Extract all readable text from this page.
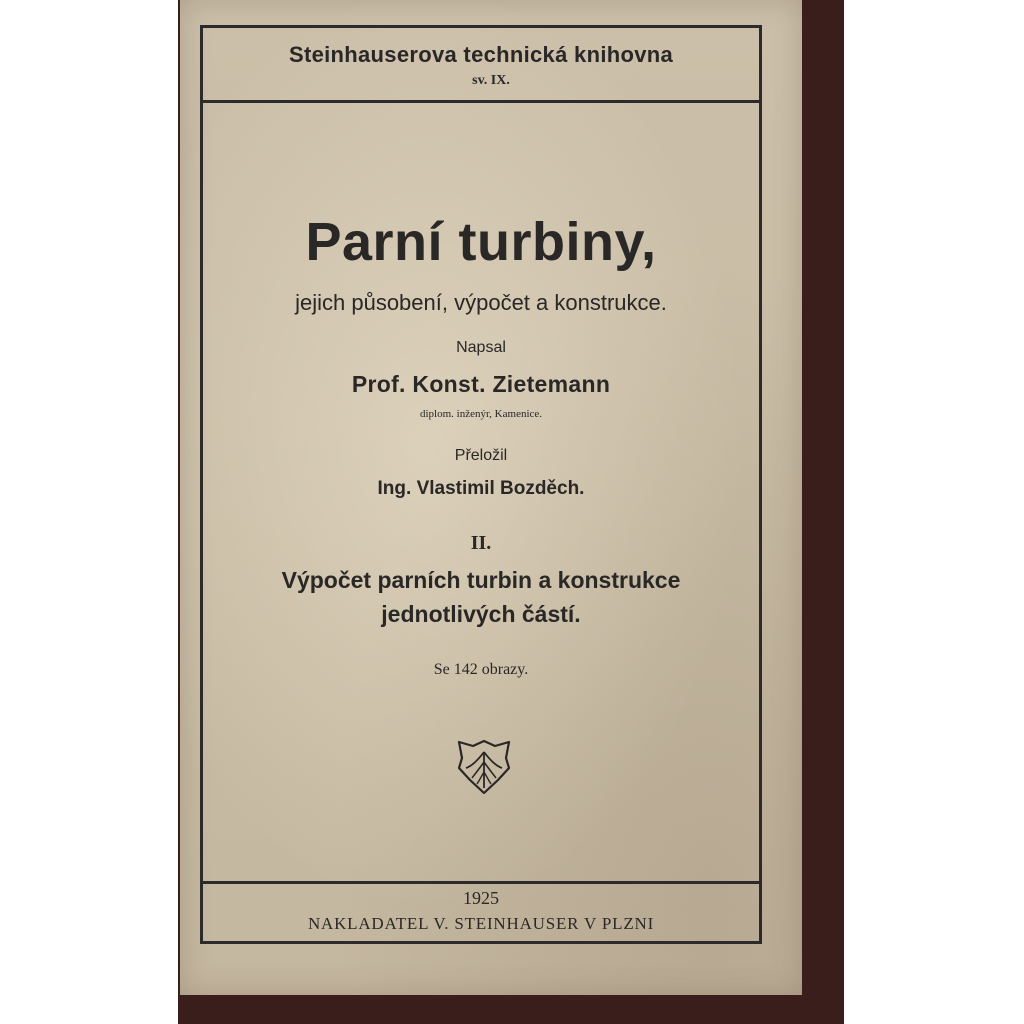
Steinhauserova technická knihovna
sv. IX.
Parní turbiny,
jejich působení, výpočet a konstrukce.
Napsal
Prof. Konst. Zietemann
diplom. inženýr, Kamenice.
Přeložil
Ing. Vlastimil Bozděch.
II.
Výpočet parních turbin a konstrukce
jednotlivých částí.
Se 142 obrazy.
1925
NAKLADATEL V. STEINHAUSER V PLZNI
